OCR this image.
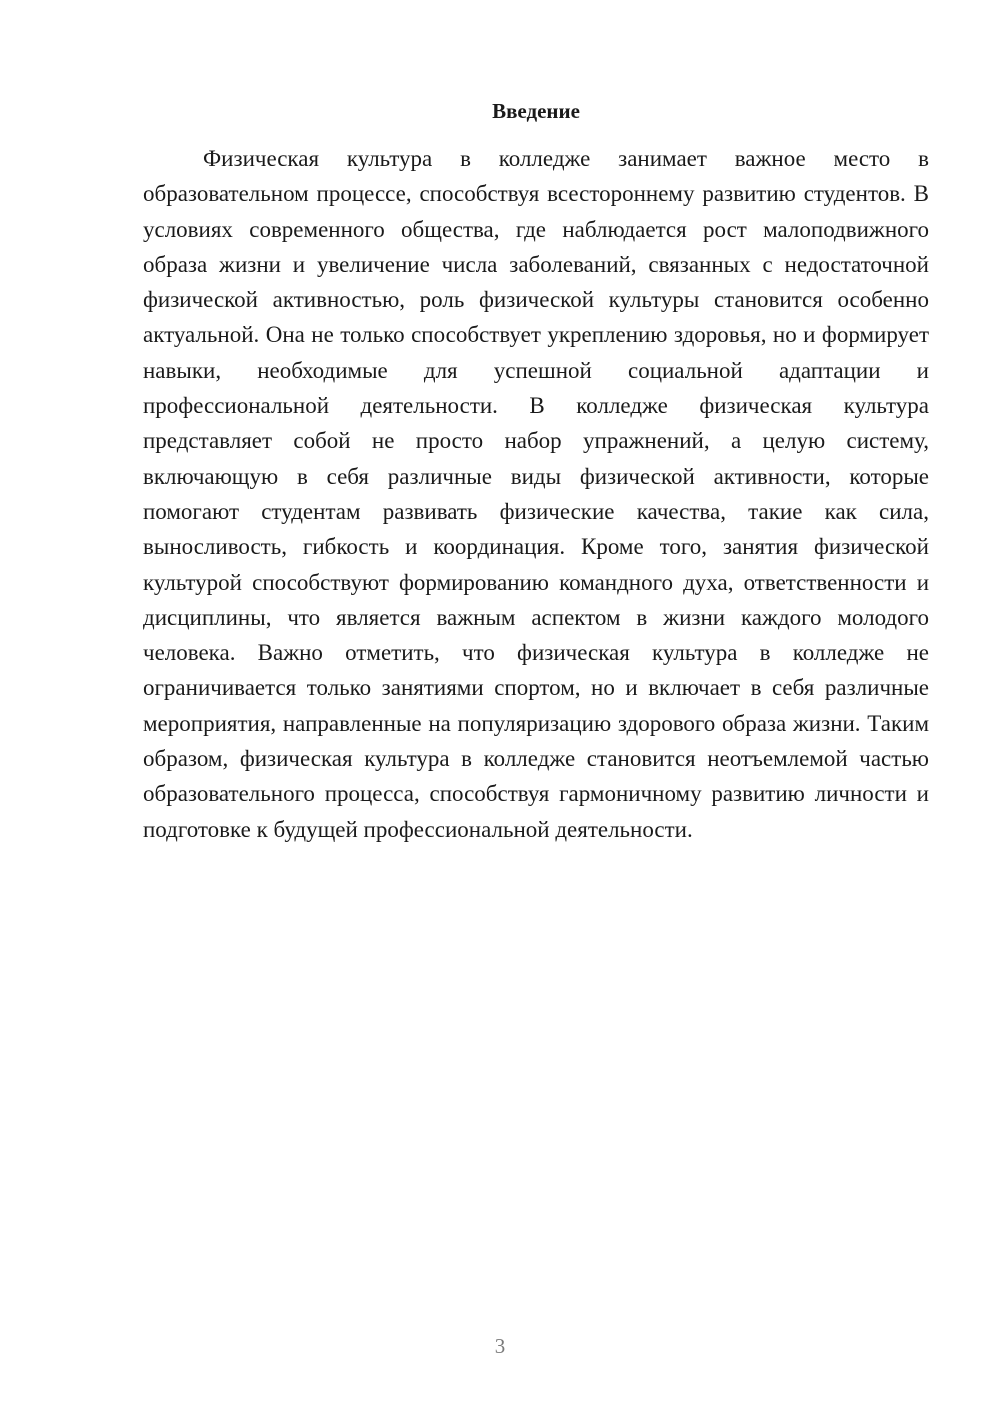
Введение

Физическая культура в колледже занимает важное место в образовательном процессе, способствуя всестороннему развитию студентов. В условиях современного общества, где наблюдается рост малоподвижного образа жизни и увеличение числа заболеваний, связанных с недостаточной физической активностью, роль физической культуры становится особенно актуальной. Она не только способствует укреплению здоровья, но и формирует навыки, необходимые для успешной социальной адаптации и профессиональной деятельности. В колледже физическая культура представляет собой не просто набор упражнений, а целую систему, включающую в себя различные виды физической активности, которые помогают студентам развивать физические качества, такие как сила, выносливость, гибкость и координация. Кроме того, занятия физической культурой способствуют формированию командного духа, ответственности и дисциплины, что является важным аспектом в жизни каждого молодого человека. Важно отметить, что физическая культура в колледже не ограничивается только занятиями спортом, но и включает в себя различные мероприятия, направленные на популяризацию здорового образа жизни. Таким образом, физическая культура в колледже становится неотъемлемой частью образовательного процесса, способствуя гармоничному развитию личности и подготовке к будущей профессиональной деятельности.

3
